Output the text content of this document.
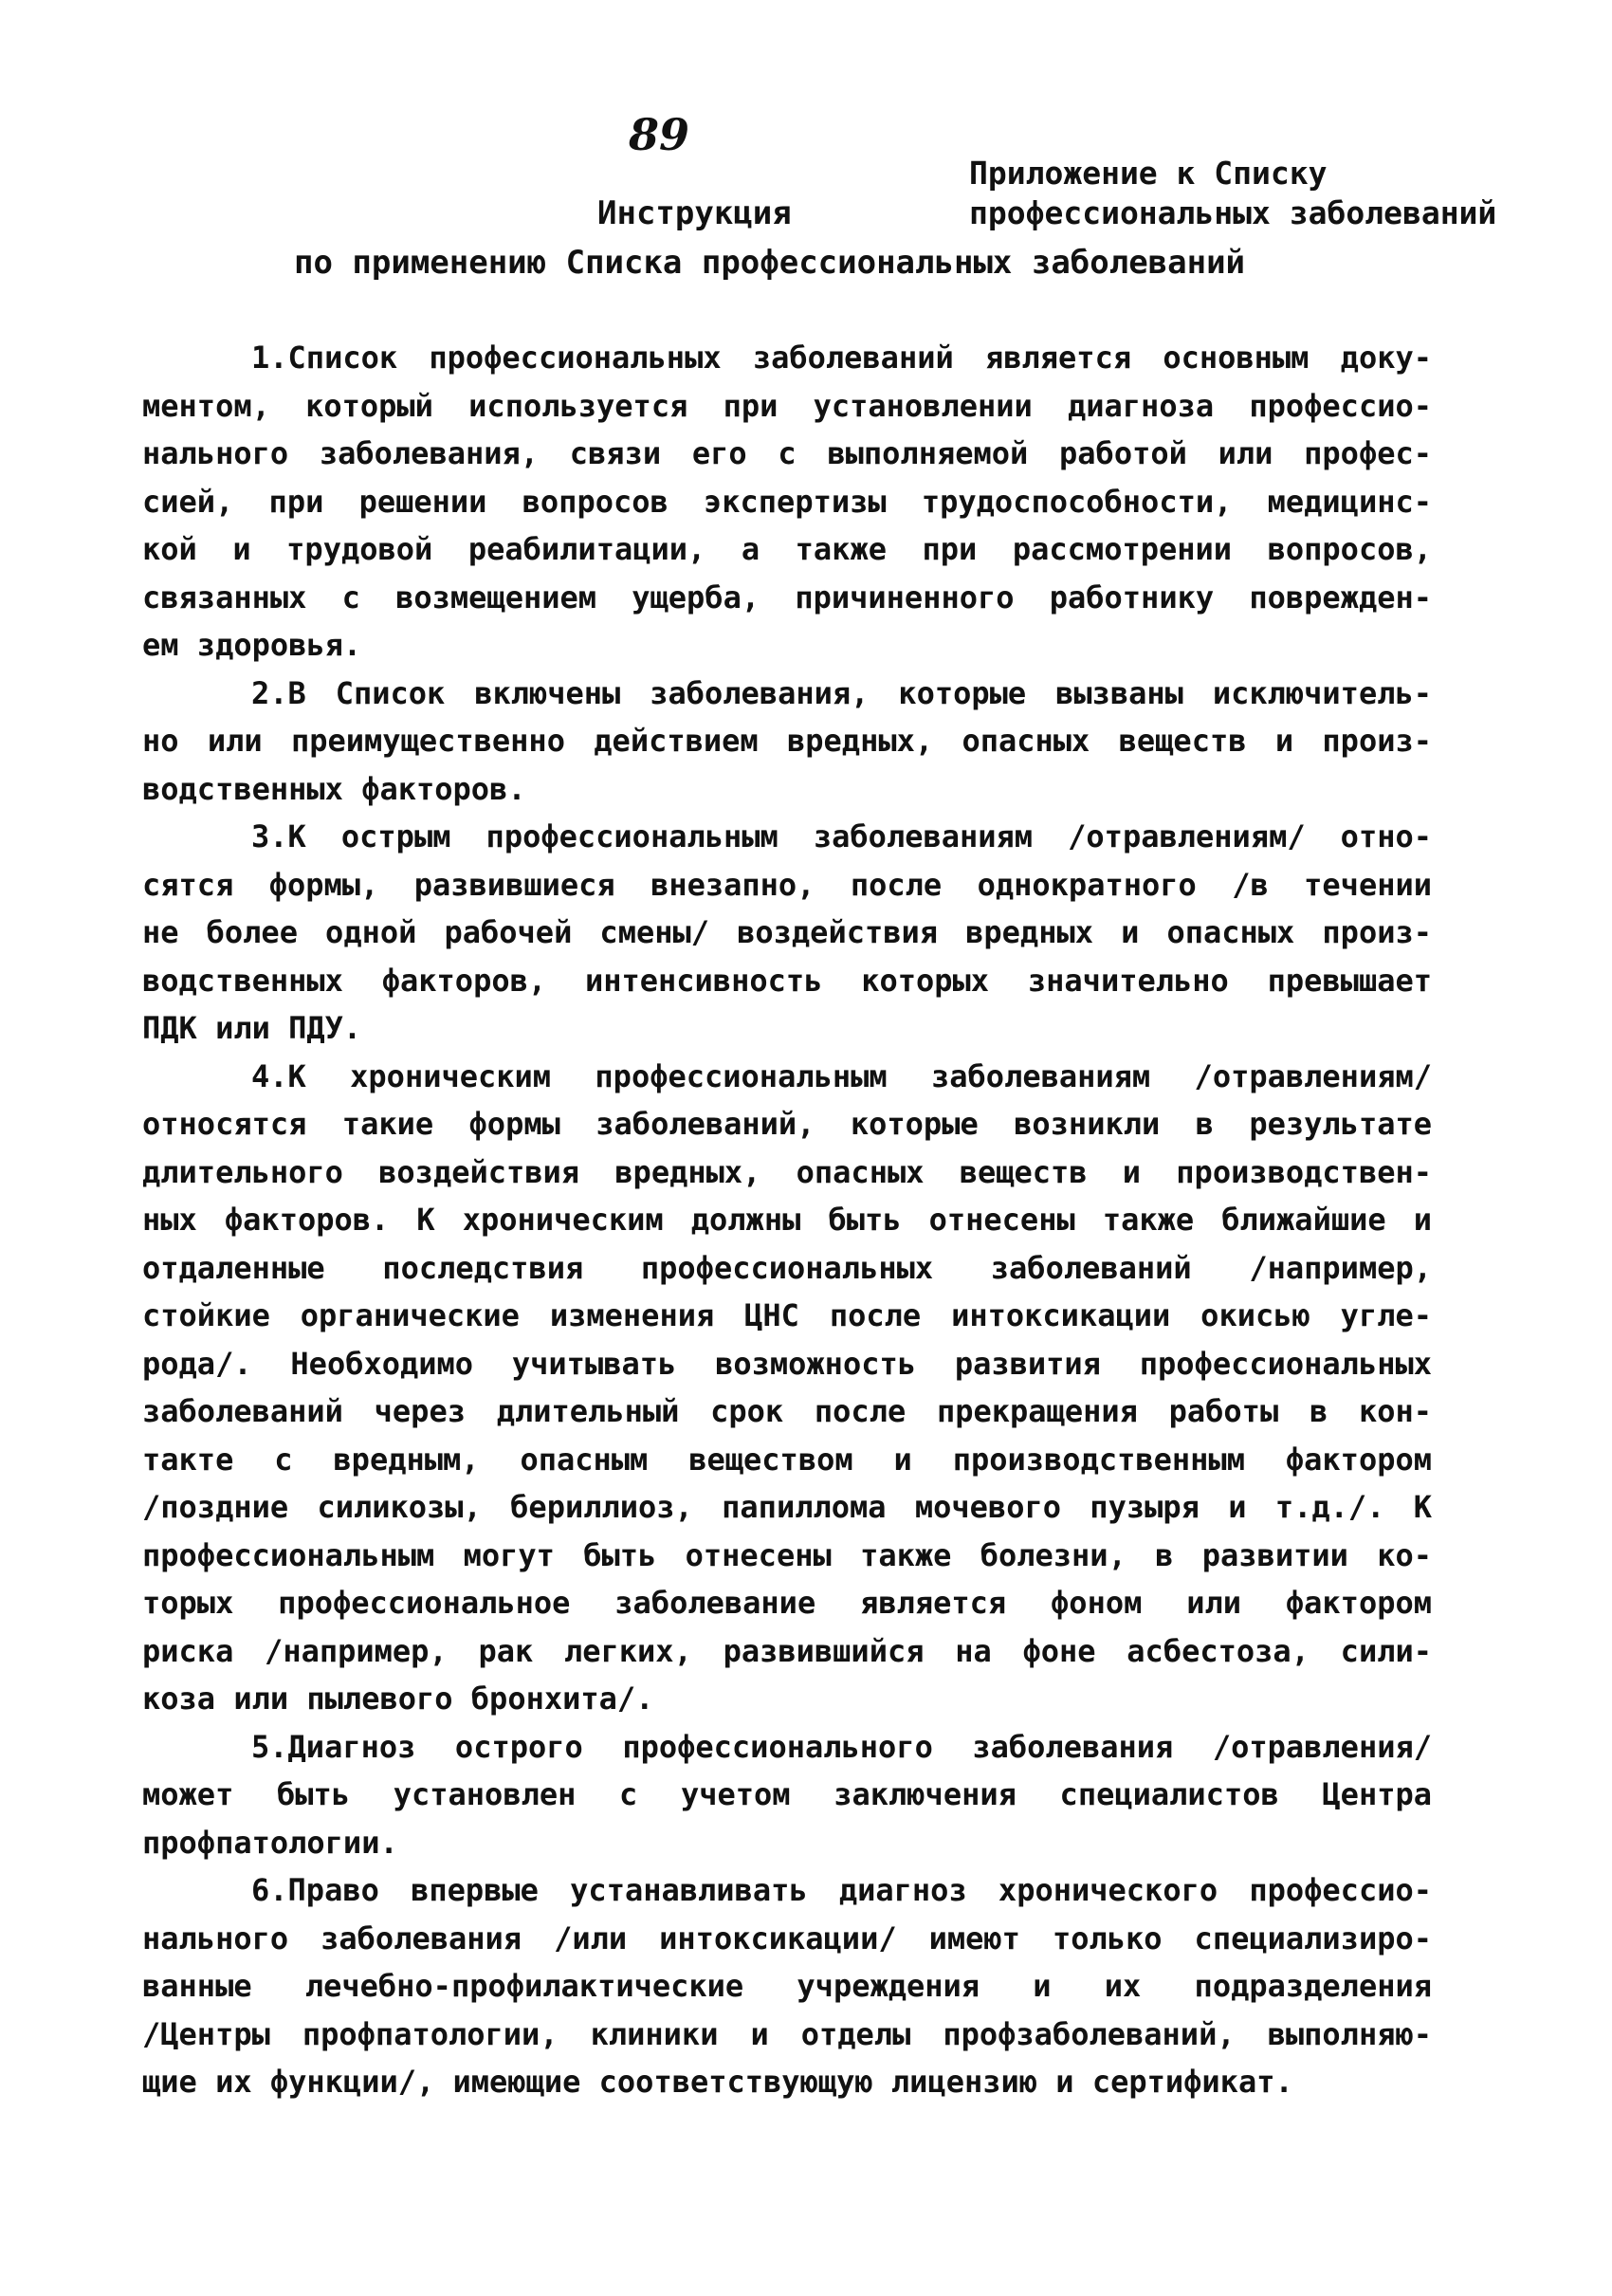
89
Приложение к Списку
профессиональных заболеваний
Инструкция
по применению Списка профессиональных заболеваний
1.Список профессиональных заболеваний является основным доку-
ментом, который используется при установлении диагноза профессио-
нального заболевания, связи его с выполняемой работой или профес-
сией, при решении вопросов экспертизы трудоспособности, медицинс-
кой и трудовой реабилитации, а также при рассмотрении вопросов,
связанных с возмещением ущерба, причиненного работнику поврежден-
ем здоровья.
2.В Список включены заболевания, которые вызваны исключитель-
но или преимущественно действием вредных, опасных веществ и произ-
водственных факторов.
3.К острым профессиональным заболеваниям /отравлениям/ отно-
сятся формы, развившиеся внезапно, после однократного /в течении
не более одной рабочей смены/ воздействия вредных и опасных произ-
водственных факторов, интенсивность которых значительно превышает
ПДК или ПДУ.
4.К хроническим профессиональным заболеваниям /отравлениям/
относятся такие формы заболеваний, которые возникли в результате
длительного воздействия вредных, опасных веществ и производствен-
ных факторов. К хроническим должны быть отнесены также ближайшие и
отдаленные последствия профессиональных заболеваний /например,
стойкие органические изменения ЦНС после интоксикации окисью угле-
рода/. Необходимо учитывать возможность развития профессиональных
заболеваний через длительный срок после прекращения работы в кон-
такте с вредным, опасным веществом и производственным фактором
/поздние силикозы, бериллиоз, папиллома мочевого пузыря и т.д./. К
профессиональным могут быть отнесены также болезни, в развитии ко-
торых профессиональное заболевание является фоном или фактором
риска /например, рак легких, развившийся на фоне асбестоза, сили-
коза или пылевого бронхита/.
5.Диагноз острого профессионального заболевания /отравления/
может быть установлен с учетом заключения специалистов Центра
профпатологии.
6.Право впервые устанавливать диагноз хронического профессио-
нального заболевания /или интоксикации/ имеют только специализиро-
ванные лечебно-профилактические учреждения и их подразделения
/Центры профпатологии, клиники и отделы профзаболеваний, выполняю-
щие их функции/, имеющие соответствующую лицензию и сертификат.
